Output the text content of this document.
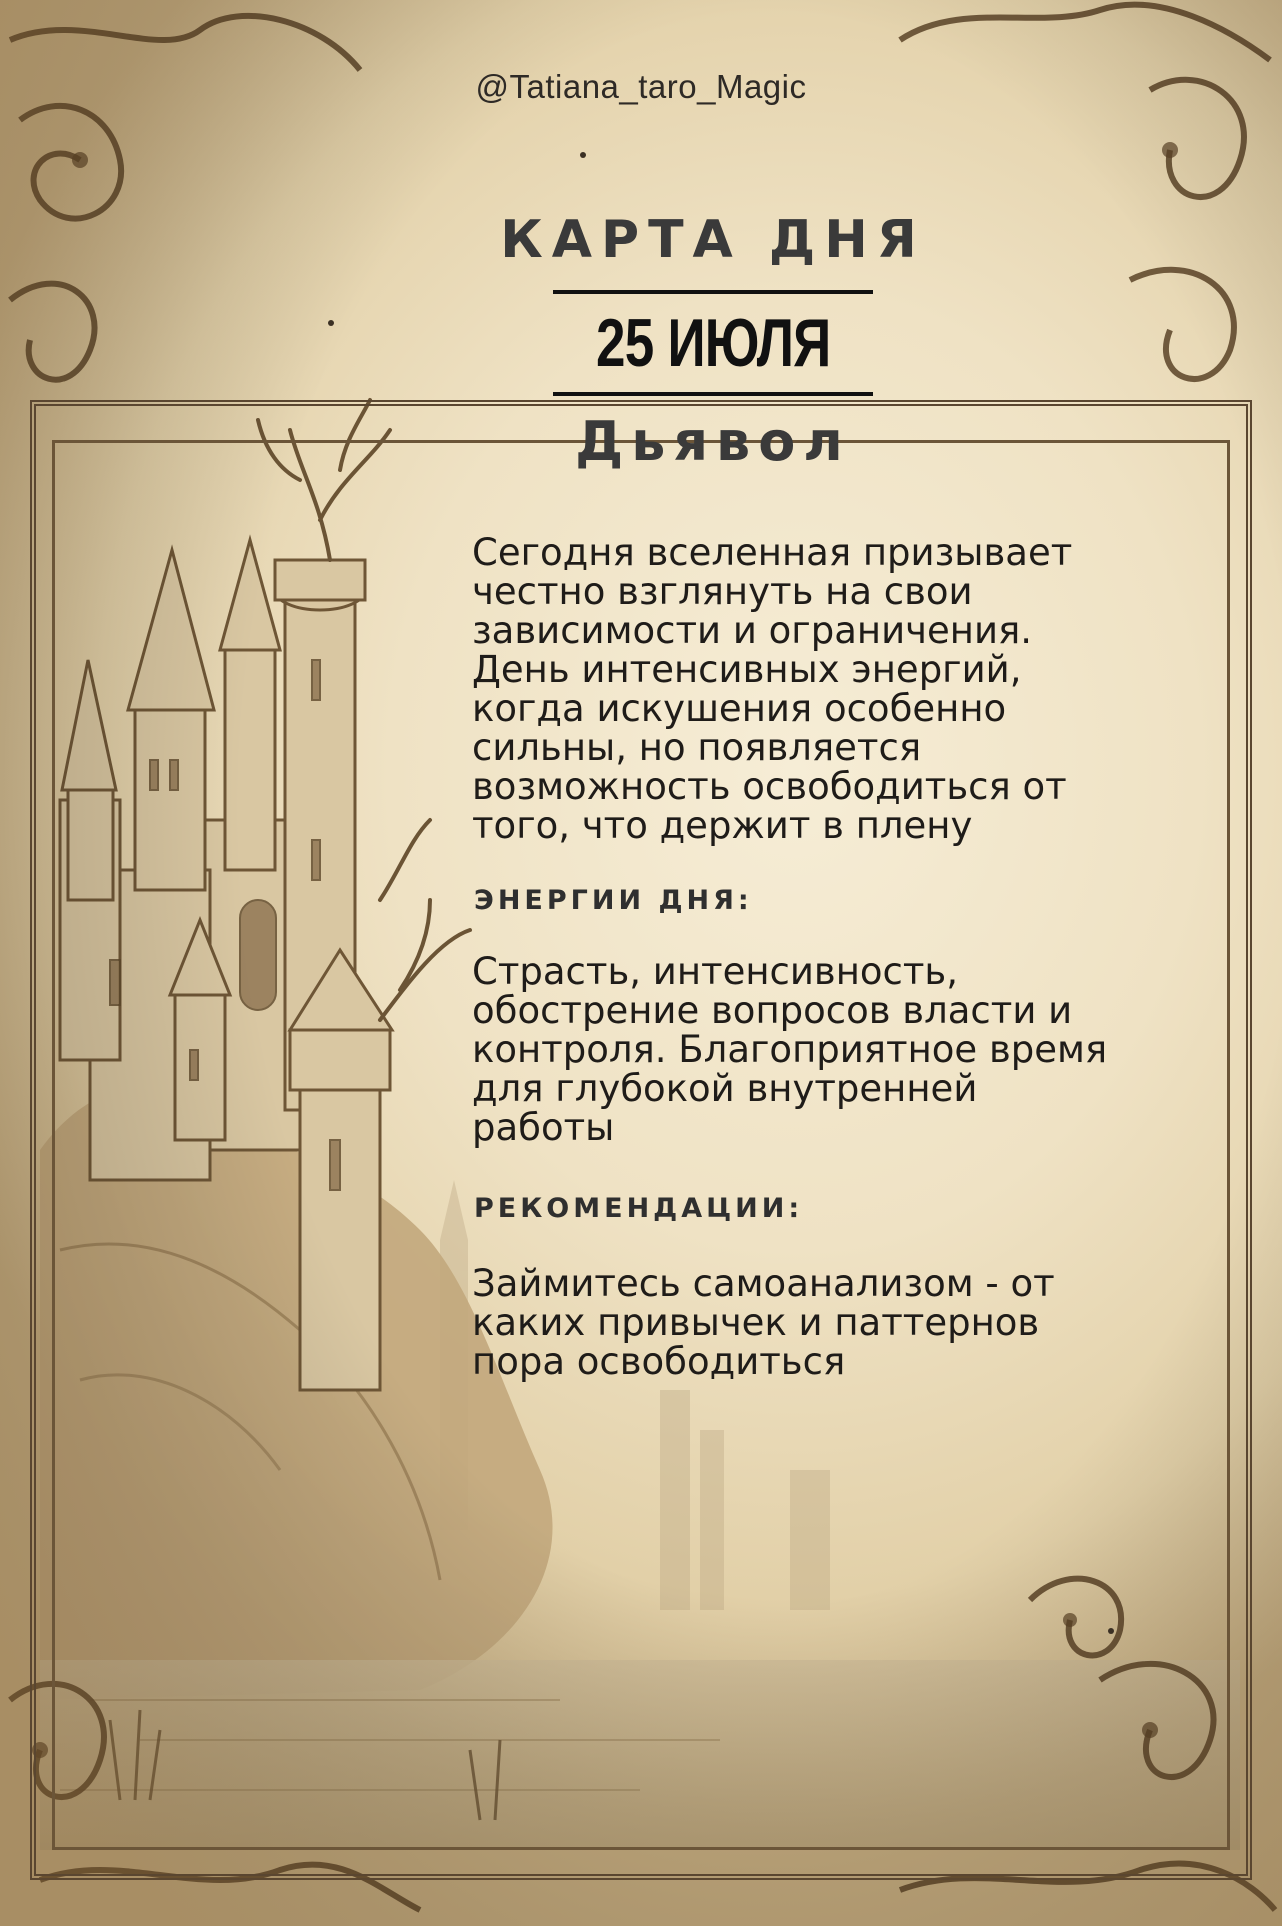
@Tatiana_taro_Magic
КАРТА ДНЯ
25 ИЮЛЯ
Дьявол
Сегодня вселенная призывает честно взглянуть на свои зависимости и ограничения. День интенсивных энергий, когда искушения особенно сильны, но появляется возможность освободиться от того, что держит в плену
ЭНЕРГИИ ДНЯ:
Страсть, интенсивность, обострение вопросов власти и контроля. Благоприятное время для глубокой внутренней работы
РЕКОМЕНДАЦИИ:
Займитесь самоанализом - от каких привычек и паттернов пора освободиться
